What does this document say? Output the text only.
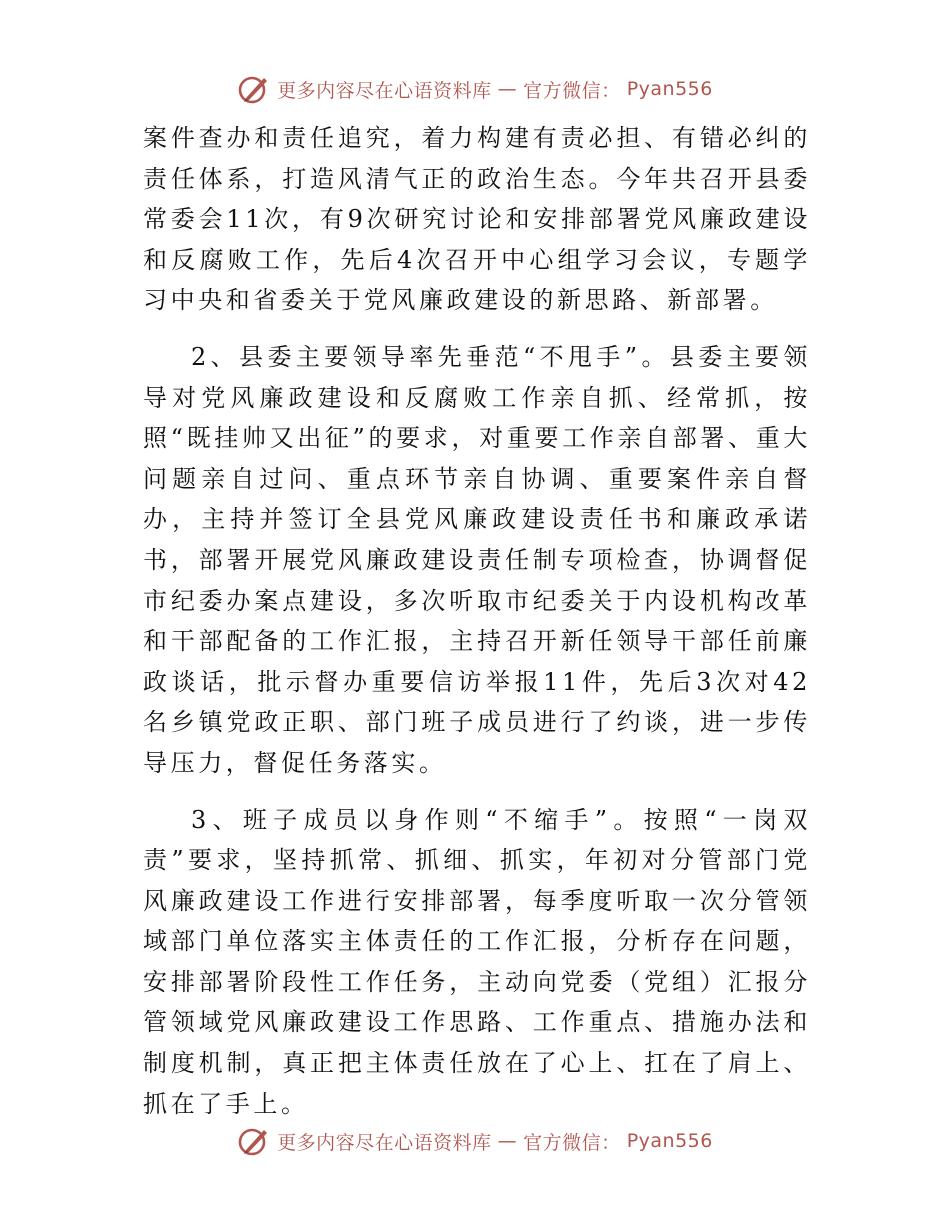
更多内容尽在心语资料库 — 官方微信： Pyan556

案件查办和责任追究，着力构建有责必担、有错必纠的责任体系，打造风清气正的政治生态。今年共召开县委常委会11次，有9次研究讨论和安排部署党风廉政建设和反腐败工作，先后4次召开中心组学习会议，专题学习中央和省委关于党风廉政建设的新思路、新部署。

2、县委主要领导率先垂范“不甩手”。县委主要领导对党风廉政建设和反腐败工作亲自抓、经常抓，按照“既挂帅又出征”的要求，对重要工作亲自部署、重大问题亲自过问、重点环节亲自协调、重要案件亲自督办，主持并签订全县党风廉政建设责任书和廉政承诺书，部署开展党风廉政建设责任制专项检查，协调督促市纪委办案点建设，多次听取市纪委关于内设机构改革和干部配备的工作汇报，主持召开新任领导干部任前廉政谈话，批示督办重要信访举报11件，先后3次对42名乡镇党政正职、部门班子成员进行了约谈，进一步传导压力，督促任务落实。

3、班子成员以身作则“不缩手”。按照“一岗双责”要求，坚持抓常、抓细、抓实，年初对分管部门党风廉政建设工作进行安排部署，每季度听取一次分管领域部门单位落实主体责任的工作汇报，分析存在问题，安排部署阶段性工作任务，主动向党委（党组）汇报分管领域党风廉政建设工作思路、工作重点、措施办法和制度机制，真正把主体责任放在了心上、扛在了肩上、抓在了手上。

更多内容尽在心语资料库 — 官方微信： Pyan556
